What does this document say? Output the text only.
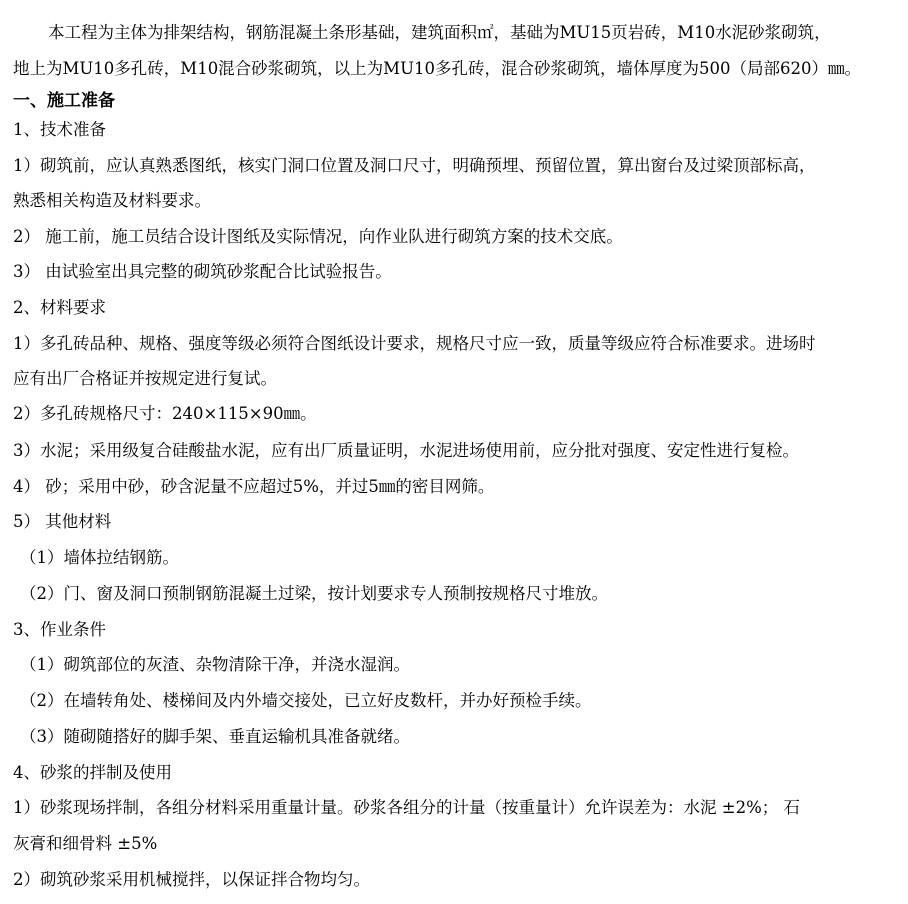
本工程为主体为排架结构，钢筋混凝土条形基础，建筑面积㎡，基础为MU15页岩砖，M10水泥砂浆砌筑，
地上为MU10多孔砖，M10混合砂浆砌筑，以上为MU10多孔砖，混合砂浆砌筑，墙体厚度为500（局部620）㎜。
一、施工准备
1、技术准备
1）砌筑前，应认真熟悉图纸，核实门洞口位置及洞口尺寸，明确预埋、预留位置，算出窗台及过梁顶部标高，
熟悉相关构造及材料要求。
2） 施工前，施工员结合设计图纸及实际情况，向作业队进行砌筑方案的技术交底。
3） 由试验室出具完整的砌筑砂浆配合比试验报告。
2、材料要求
1）多孔砖品种、规格、强度等级必须符合图纸设计要求，规格尺寸应一致，质量等级应符合标准要求。进场时
应有出厂合格证并按规定进行复试。
2）多孔砖规格尺寸：240×115×90㎜。
3）水泥；采用级复合硅酸盐水泥，应有出厂质量证明，水泥进场使用前，应分批对强度、安定性进行复检。
4） 砂；采用中砂，砂含泥量不应超过5%，并过5㎜的密目网筛。
5） 其他材料
（1）墙体拉结钢筋。
（2）门、窗及洞口预制钢筋混凝土过梁，按计划要求专人预制按规格尺寸堆放。
3、作业条件
（1）砌筑部位的灰渣、杂物清除干净，并浇水湿润。
（2）在墙转角处、楼梯间及内外墙交接处，已立好皮数杆，并办好预检手续。
（3）随砌随搭好的脚手架、垂直运输机具准备就绪。
4、砂浆的拌制及使用
1）砂浆现场拌制，各组分材料采用重量计量。砂浆各组分的计量（按重量计）允许误差为：水泥 ±2%； 石
灰膏和细骨料 ±5%
2）砌筑砂浆采用机械搅拌，以保证拌合物均匀。
